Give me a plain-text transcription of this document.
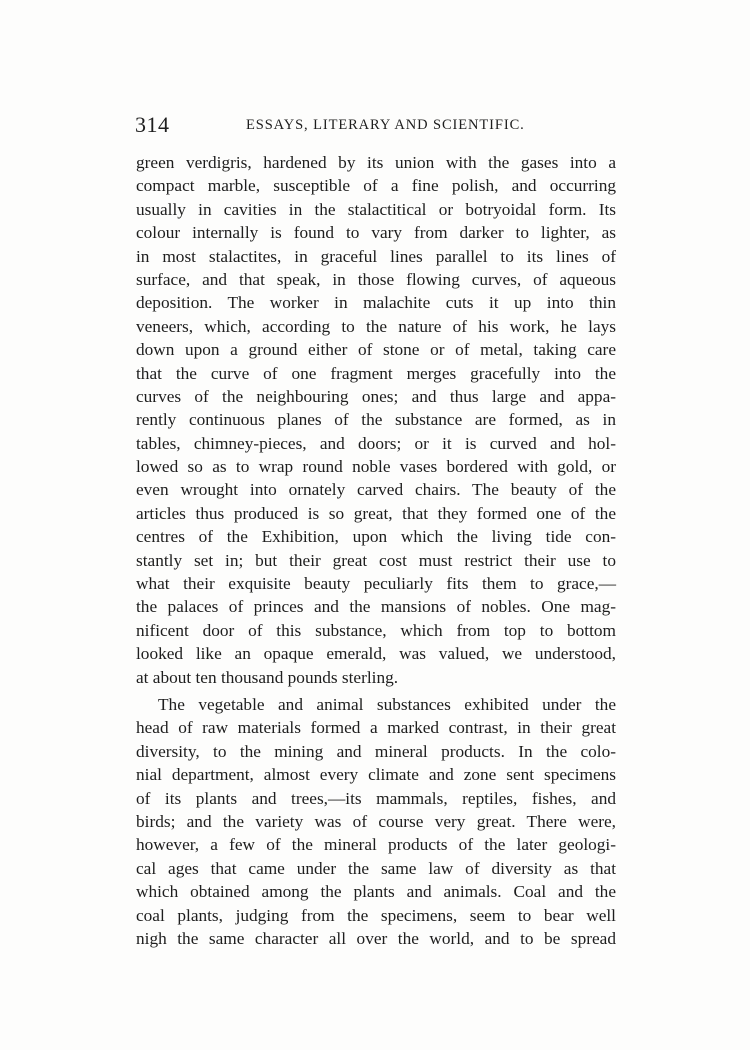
314	ESSAYS, LITERARY AND SCIENTIFIC.
green verdigris, hardened by its union with the gases into a
compact marble, susceptible of a fine polish, and occurring
usually in cavities in the stalactitical or botryoidal form. Its
colour internally is found to vary from darker to lighter, as
in most stalactites, in graceful lines parallel to its lines of
surface, and that speak, in those flowing curves, of aqueous
deposition. The worker in malachite cuts it up into thin
veneers, which, according to the nature of his work, he lays
down upon a ground either of stone or of metal, taking care
that the curve of one fragment merges gracefully into the
curves of the neighbouring ones; and thus large and appa-
rently continuous planes of the substance are formed, as in
tables, chimney-pieces, and doors; or it is curved and hol-
lowed so as to wrap round noble vases bordered with gold, or
even wrought into ornately carved chairs. The beauty of the
articles thus produced is so great, that they formed one of the
centres of the Exhibition, upon which the living tide con-
stantly set in; but their great cost must restrict their use to
what their exquisite beauty peculiarly fits them to grace,—
the palaces of princes and the mansions of nobles. One mag-
nificent door of this substance, which from top to bottom
looked like an opaque emerald, was valued, we understood,
at about ten thousand pounds sterling.
The vegetable and animal substances exhibited under the
head of raw materials formed a marked contrast, in their great
diversity, to the mining and mineral products. In the colo-
nial department, almost every climate and zone sent specimens
of its plants and trees,—its mammals, reptiles, fishes, and
birds; and the variety was of course very great. There were,
however, a few of the mineral products of the later geologi-
cal ages that came under the same law of diversity as that
which obtained among the plants and animals. Coal and the
coal plants, judging from the specimens, seem to bear well
nigh the same character all over the world, and to be spread
